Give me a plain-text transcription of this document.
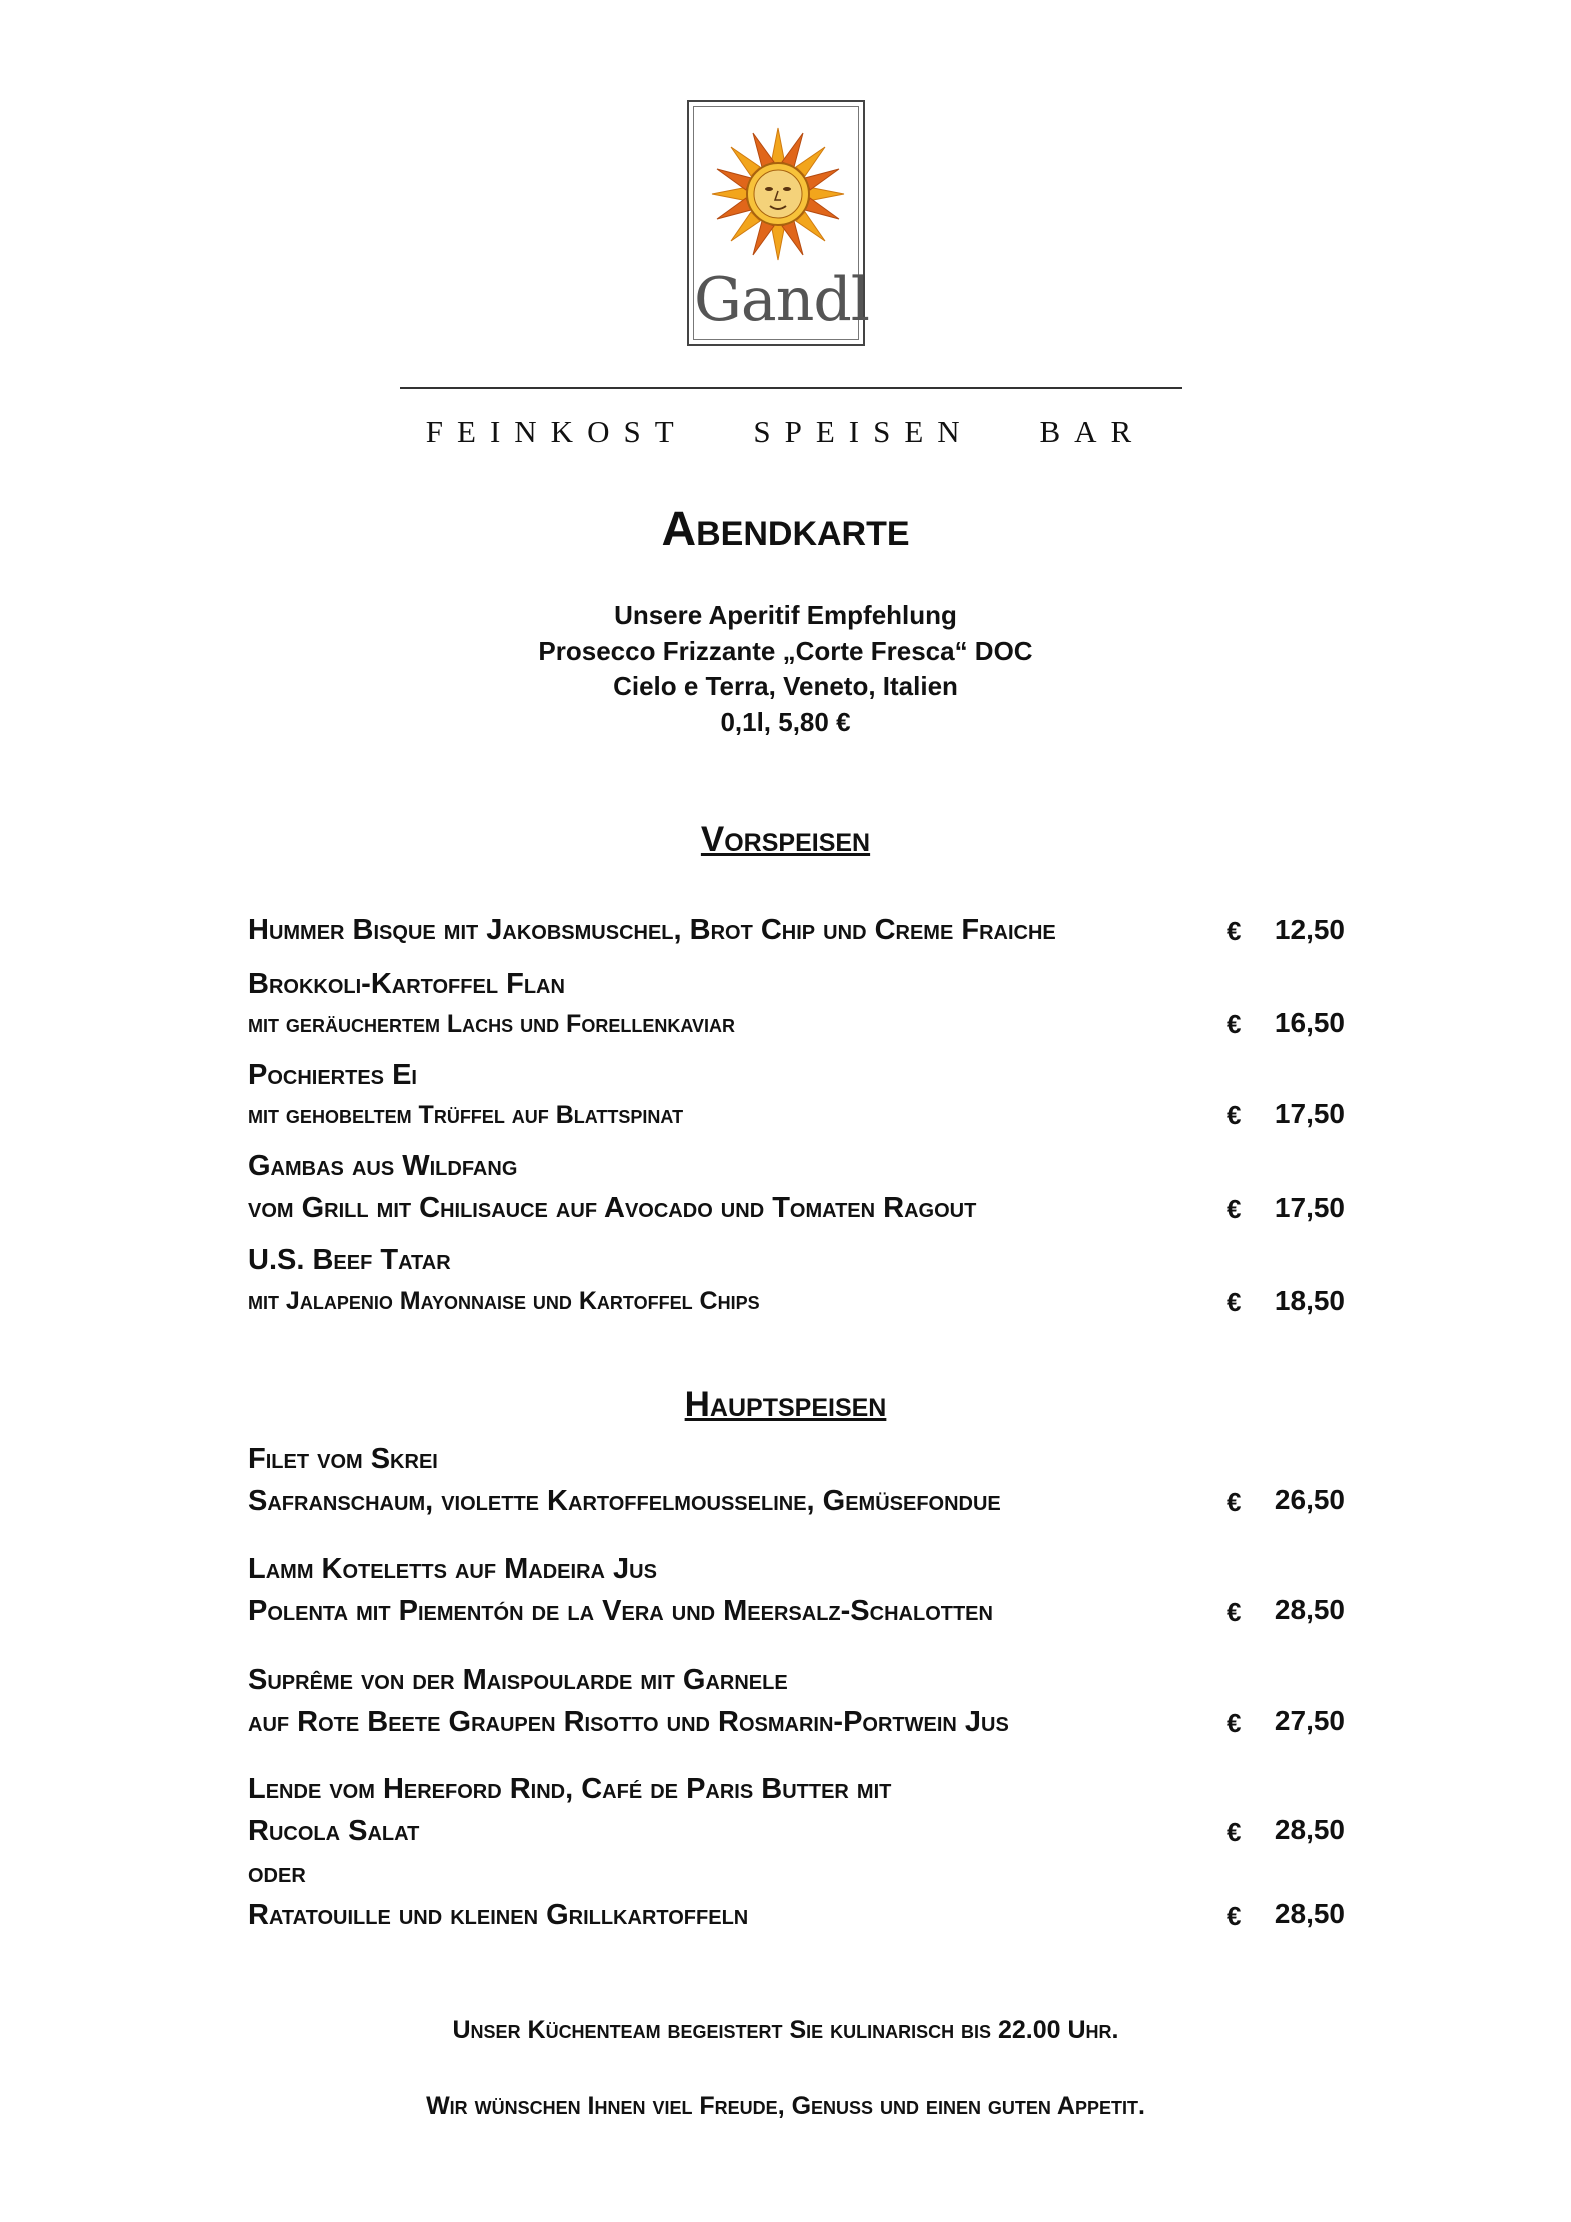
Gandl
FEINKOST SPEISEN BAR
Abendkarte
Unsere Aperitif Empfehlung
Prosecco Frizzante „Corte Fresca“ DOC
Cielo e Terra, Veneto, Italien
0,1l, 5,80 €
Vorspeisen
Hummer Bisque mit Jakobsmuschel, Brot Chip und Creme Fraiche	€	12,50
Brokkoli-Kartoffel Flan
mit geräuchertem Lachs und Forellenkaviar	€	16,50
Pochiertes Ei
mit gehobeltem Trüffel auf Blattspinat	€	17,50
Gambas aus Wildfang
vom Grill mit Chilisauce auf Avocado und Tomaten Ragout	€	17,50
U.S. Beef Tatar
mit Jalapenio Mayonnaise und Kartoffel Chips	€	18,50
Hauptspeisen
Filet vom Skrei
Safranschaum, violette Kartoffelmousseline, Gemüsefondue	€	26,50
Lamm Koteletts auf Madeira Jus
Polenta mit Piementón de la Vera und Meersalz-Schalotten	€	28,50
Suprême von der Maispoularde mit Garnele
auf Rote Beete Graupen Risotto und Rosmarin-Portwein Jus	€	27,50
Lende vom Hereford Rind, Café de Paris Butter mit
Rucola Salat	€	28,50
oder
Ratatouille und kleinen Grillkartoffeln	€	28,50
Unser Küchenteam begeistert Sie kulinarisch bis 22.00 Uhr.
Wir wünschen Ihnen viel Freude, Genuss und einen guten Appetit.
